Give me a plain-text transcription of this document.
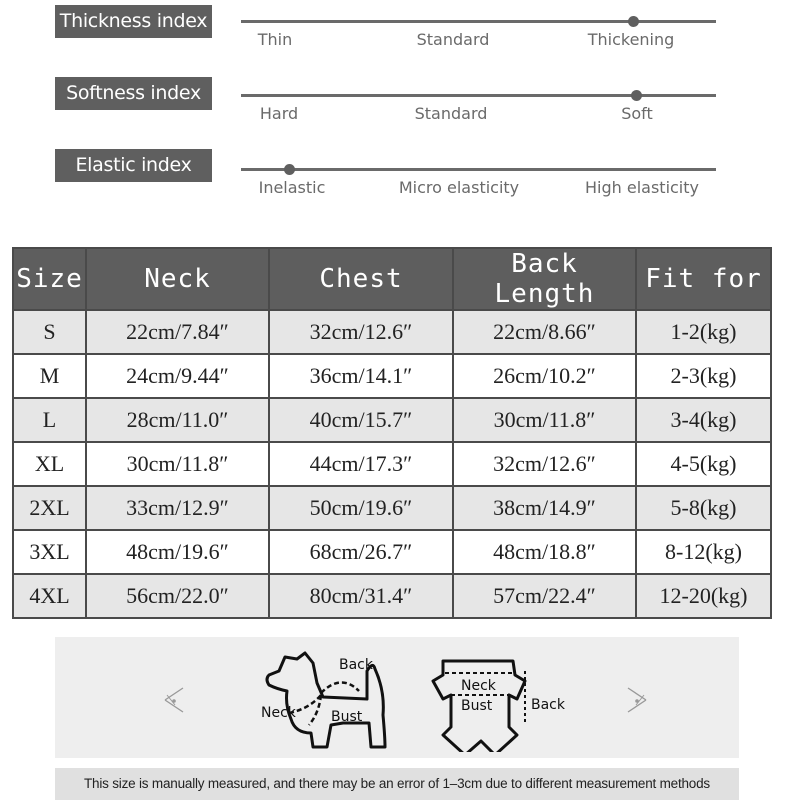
Thickness index
Thin	Standard	Thickening
Softness index
Hard	Standard	Soft
Elastic index
Inelastic	Micro elasticity	High elasticity
Size	Neck	Chest	Back Length	Fit for
S	22cm/7.84″	32cm/12.6″	22cm/8.66″	1-2(kg)
M	24cm/9.44″	36cm/14.1″	26cm/10.2″	2-3(kg)
L	28cm/11.0″	40cm/15.7″	30cm/11.8″	3-4(kg)
XL	30cm/11.8″	44cm/17.3″	32cm/12.6″	4-5(kg)
2XL	33cm/12.9″	50cm/19.6″	38cm/14.9″	5-8(kg)
3XL	48cm/19.6″	68cm/26.7″	48cm/18.8″	8-12(kg)
4XL	56cm/22.0″	80cm/31.4″	57cm/22.4″	12-20(kg)
Back
Neck	Bust
Neck
Bust	Back
This size is manually measured, and there may be an error of 1–3cm due to different measurement methods
